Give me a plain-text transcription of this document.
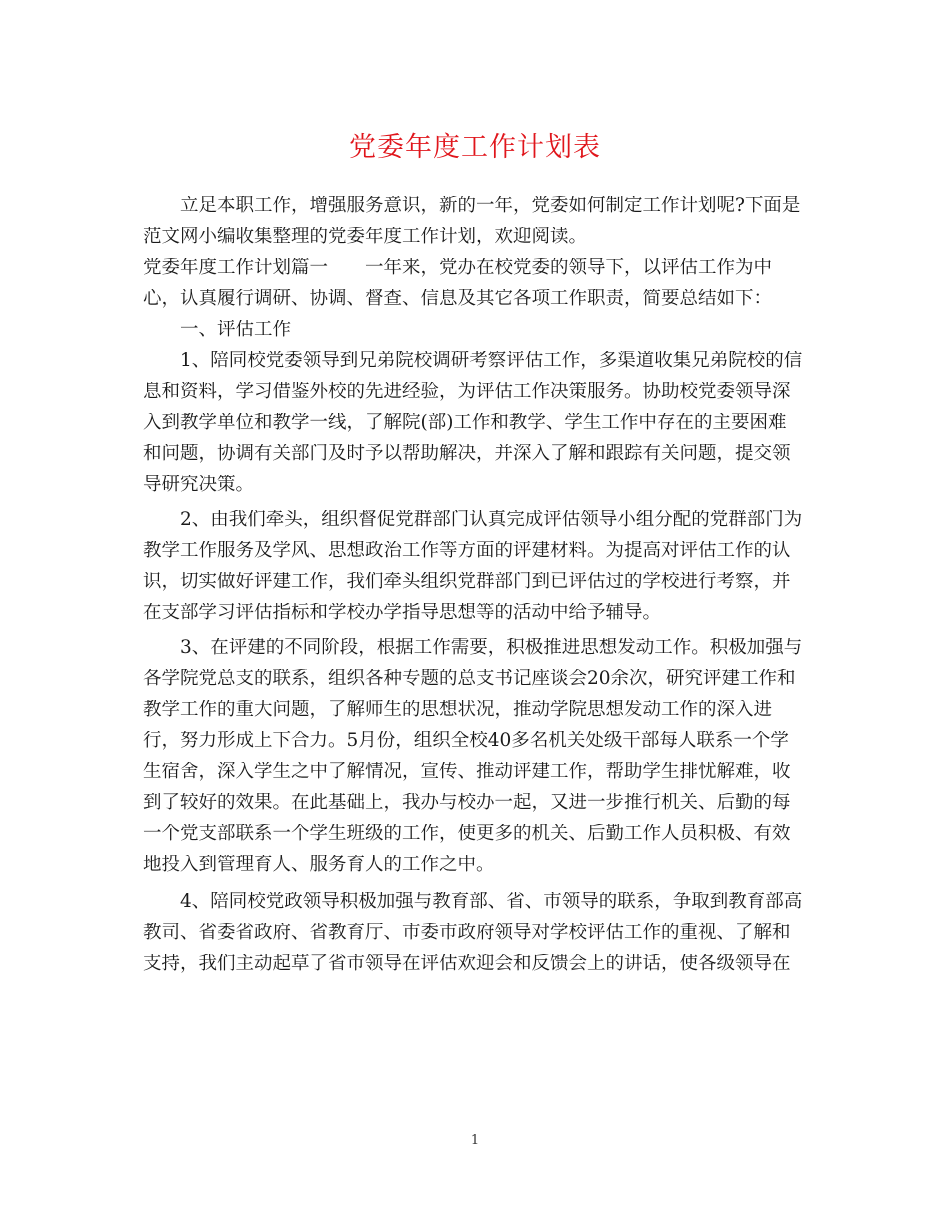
党委年度工作计划表
立足本职工作，增强服务意识，新的一年，党委如何制定工作计划呢?下面是
范文网小编收集整理的党委年度工作计划，欢迎阅读。
党委年度工作计划篇一　　一年来，党办在校党委的领导下，以评估工作为中
心，认真履行调研、协调、督查、信息及其它各项工作职责，简要总结如下：
一、评估工作
1、陪同校党委领导到兄弟院校调研考察评估工作，多渠道收集兄弟院校的信
息和资料，学习借鉴外校的先进经验，为评估工作决策服务。协助校党委领导深
入到教学单位和教学一线，了解院(部)工作和教学、学生工作中存在的主要困难
和问题，协调有关部门及时予以帮助解决，并深入了解和跟踪有关问题，提交领
导研究决策。
2、由我们牵头，组织督促党群部门认真完成评估领导小组分配的党群部门为
教学工作服务及学风、思想政治工作等方面的评建材料。为提高对评估工作的认
识，切实做好评建工作，我们牵头组织党群部门到已评估过的学校进行考察，并
在支部学习评估指标和学校办学指导思想等的活动中给予辅导。
3、在评建的不同阶段，根据工作需要，积极推进思想发动工作。积极加强与
各学院党总支的联系，组织各种专题的总支书记座谈会20余次，研究评建工作和
教学工作的重大问题，了解师生的思想状况，推动学院思想发动工作的深入进
行，努力形成上下合力。5月份，组织全校40多名机关处级干部每人联系一个学
生宿舍，深入学生之中了解情况，宣传、推动评建工作，帮助学生排忧解难，收
到了较好的效果。在此基础上，我办与校办一起，又进一步推行机关、后勤的每
一个党支部联系一个学生班级的工作，使更多的机关、后勤工作人员积极、有效
地投入到管理育人、服务育人的工作之中。
4、陪同校党政领导积极加强与教育部、省、市领导的联系，争取到教育部高
教司、省委省政府、省教育厅、市委市政府领导对学校评估工作的重视、了解和
支持，我们主动起草了省市领导在评估欢迎会和反馈会上的讲话，使各级领导在
1
